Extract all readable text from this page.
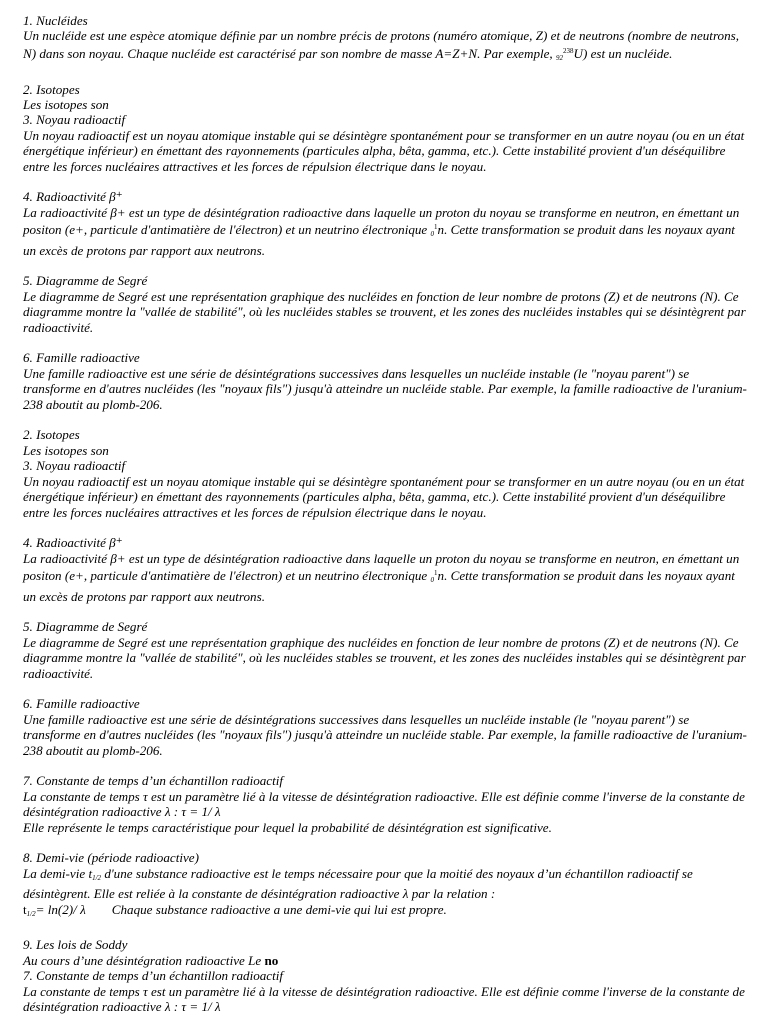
1. Nucléides
Un nucléide est une espèce atomique définie par un nombre précis de protons (numéro atomique, Z) et de neutrons (nombre de neutrons, N) dans son noyau. Chaque nucléide est caractérisé par son nombre de masse A=Z+N. Par exemple, $92^{238}U$) est un nucléide.
2. Isotopes
Les isotopes son
3. Noyau radioactif
Un noyau radioactif est un noyau atomique instable qui se désintègre spontanément pour se transformer en un autre noyau (ou en un état énergétique inférieur) en émettant des rayonnements (particules alpha, bêta, gamma, etc.). Cette instabilité provient d'un déséquilibre entre les forces nucléaires attractives et les forces de répulsion électrique dans le noyau.
4. Radioactivité β⁺
La radioactivité β+ est un type de désintégration radioactive dans laquelle un proton du noyau se transforme en neutron, en émettant un positon (e+, particule d'antimatière de l'électron) et un neutrino électronique $0^1n$. Cette transformation se produit dans les noyaux ayant un excès de protons par rapport aux neutrons.
5. Diagramme de Segré
Le diagramme de Segré est une représentation graphique des nucléides en fonction de leur nombre de protons (Z) et de neutrons (N). Ce diagramme montre la "vallée de stabilité", où les nucléides stables se trouvent, et les zones des nucléides instables qui se désintègrent par radioactivité.
6. Famille radioactive
Une famille radioactive est une série de désintégrations successives dans lesquelles un nucléide instable (le "noyau parent") se transforme en d'autres nucléides (les "noyaux fils") jusqu'à atteindre un nucléide stable. Par exemple, la famille radioactive de l'uranium-238 aboutit au plomb-206.
2. Isotopes
Les isotopes son
3. Noyau radioactif
Un noyau radioactif est un noyau atomique instable qui se désintègre spontanément pour se transformer en un autre noyau (ou en un état énergétique inférieur) en émettant des rayonnements (particules alpha, bêta, gamma, etc.). Cette instabilité provient d'un déséquilibre entre les forces nucléaires attractives et les forces de répulsion électrique dans le noyau.
4. Radioactivité β⁺
La radioactivité β+ est un type de désintégration radioactive dans laquelle un proton du noyau se transforme en neutron, en émettant un positon (e+, particule d'antimatière de l'électron) et un neutrino électronique $0^1n$. Cette transformation se produit dans les noyaux ayant un excès de protons par rapport aux neutrons.
5. Diagramme de Segré
Le diagramme de Segré est une représentation graphique des nucléides en fonction de leur nombre de protons (Z) et de neutrons (N). Ce diagramme montre la "vallée de stabilité", où les nucléides stables se trouvent, et les zones des nucléides instables qui se désintègrent par radioactivité.
6. Famille radioactive
Une famille radioactive est une série de désintégrations successives dans lesquelles un nucléide instable (le "noyau parent") se transforme en d'autres nucléides (les "noyaux fils") jusqu'à atteindre un nucléide stable. Par exemple, la famille radioactive de l'uranium-238 aboutit au plomb-206.
7. Constante de temps d’un échantillon radioactif
La constante de temps τ est un paramètre lié à la vitesse de désintégration radioactive. Elle est définie comme l'inverse de la constante de désintégration radioactive λ : τ = 1/ λ
Elle représente le temps caractéristique pour lequel la probabilité de désintégration est significative.
8. Demi-vie (période radioactive)
La demi-vie t1/2 d'une substance radioactive est le temps nécessaire pour que la moitié des noyaux d’un échantillon radioactif se désintègrent. Elle est reliée à la constante de désintégration radioactive λ par la relation :
t1/2= ln(2)/ λ Chaque substance radioactive a une demi-vie qui lui est propre.
9. Les lois de Soddy
Au cours d’une désintégration radioactive Le no
7. Constante de temps d’un échantillon radioactif
La constante de temps τ est un paramètre lié à la vitesse de désintégration radioactive. Elle est définie comme l'inverse de la constante de désintégration radioactive λ : τ = 1/ λ
